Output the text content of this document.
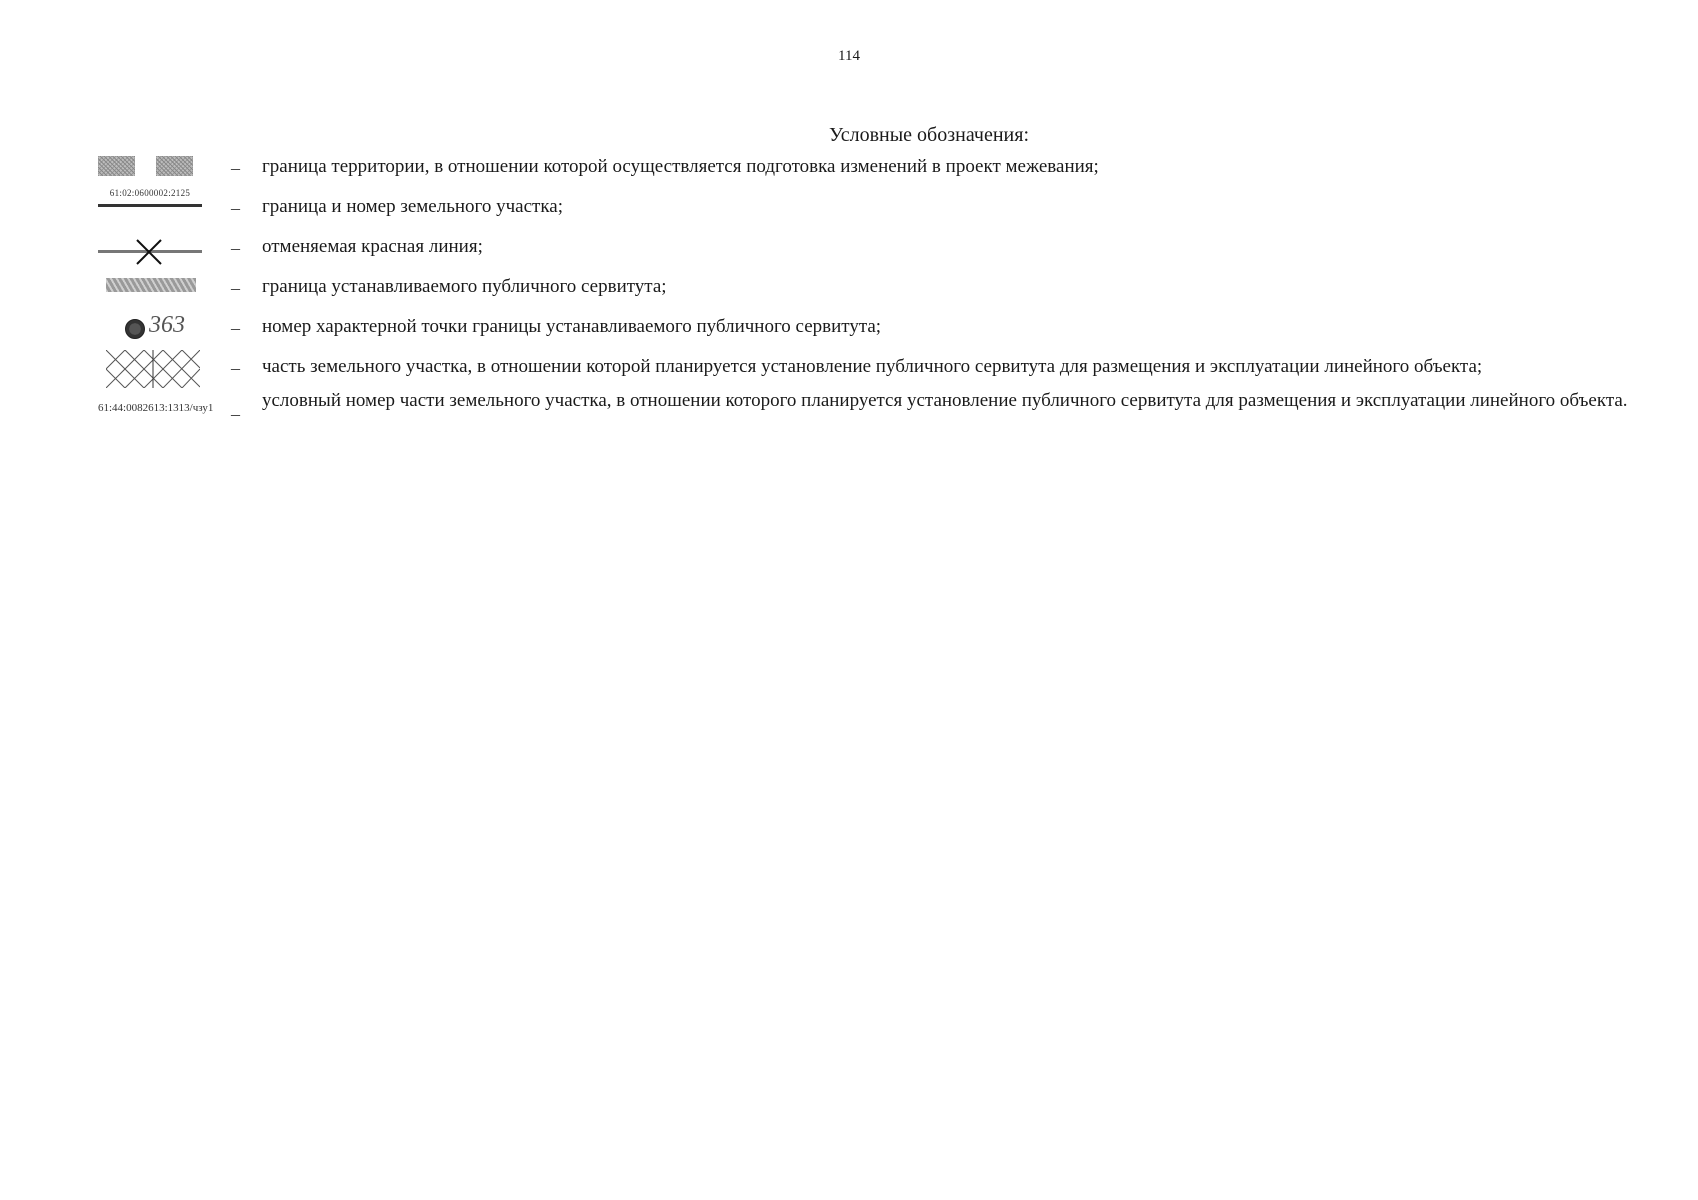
114
Условные обозначения:
– граница территории, в отношении которой осуществляется подготовка изменений в проект межевания;
61:02:0600002:2125
– граница и номер земельного участка;
– отменяемая красная линия;
– граница устанавливаемого публичного сервитута;
363	– номер характерной точки границы устанавливаемого публичного сервитута;
– часть земельного участка, в отношении которой планируется установление публичного сервитута для размещения и эксплуатации линейного объекта;
61:44:0082613:1313/чзу1 –
условный номер части земельного участка, в отношении которого планируется установление публичного сервитута для размещения и эксплуатации линейного объекта.
